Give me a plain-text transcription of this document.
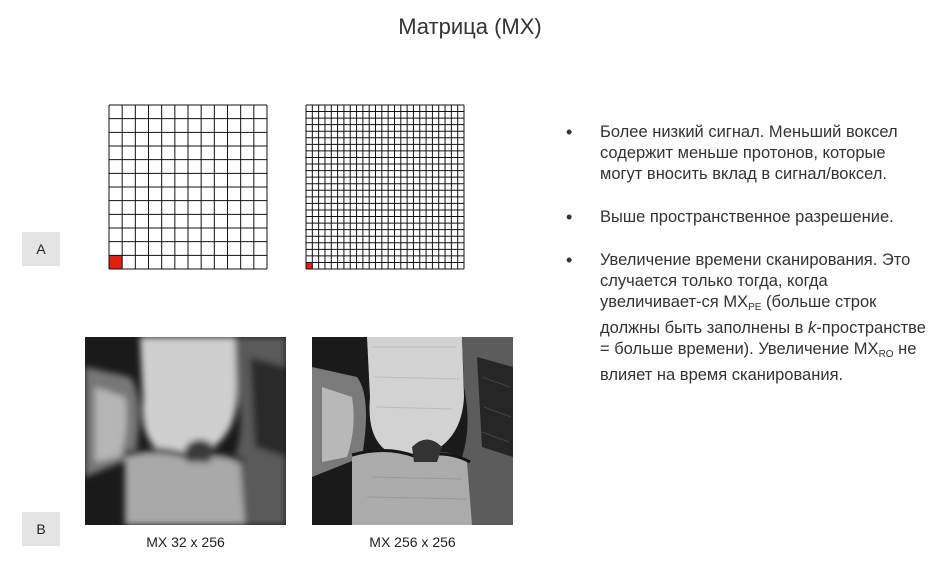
Матрица (MX)
A
B
MX 32 x 256	MX 256 x 256
• Более низкий сигнал. Меньший воксел содержит меньше протонов, которые могут вносить вклад в сигнал/воксел.
• Выше пространственное разрешение.
• Увеличение времени сканирования. Это случается только тогда, когда увеличивает-ся $MX_{PE}$ (больше строк должны быть заполнены в k-пространстве = больше времени). Увеличение $MX_{RO}$ не влияет на время сканирования.
